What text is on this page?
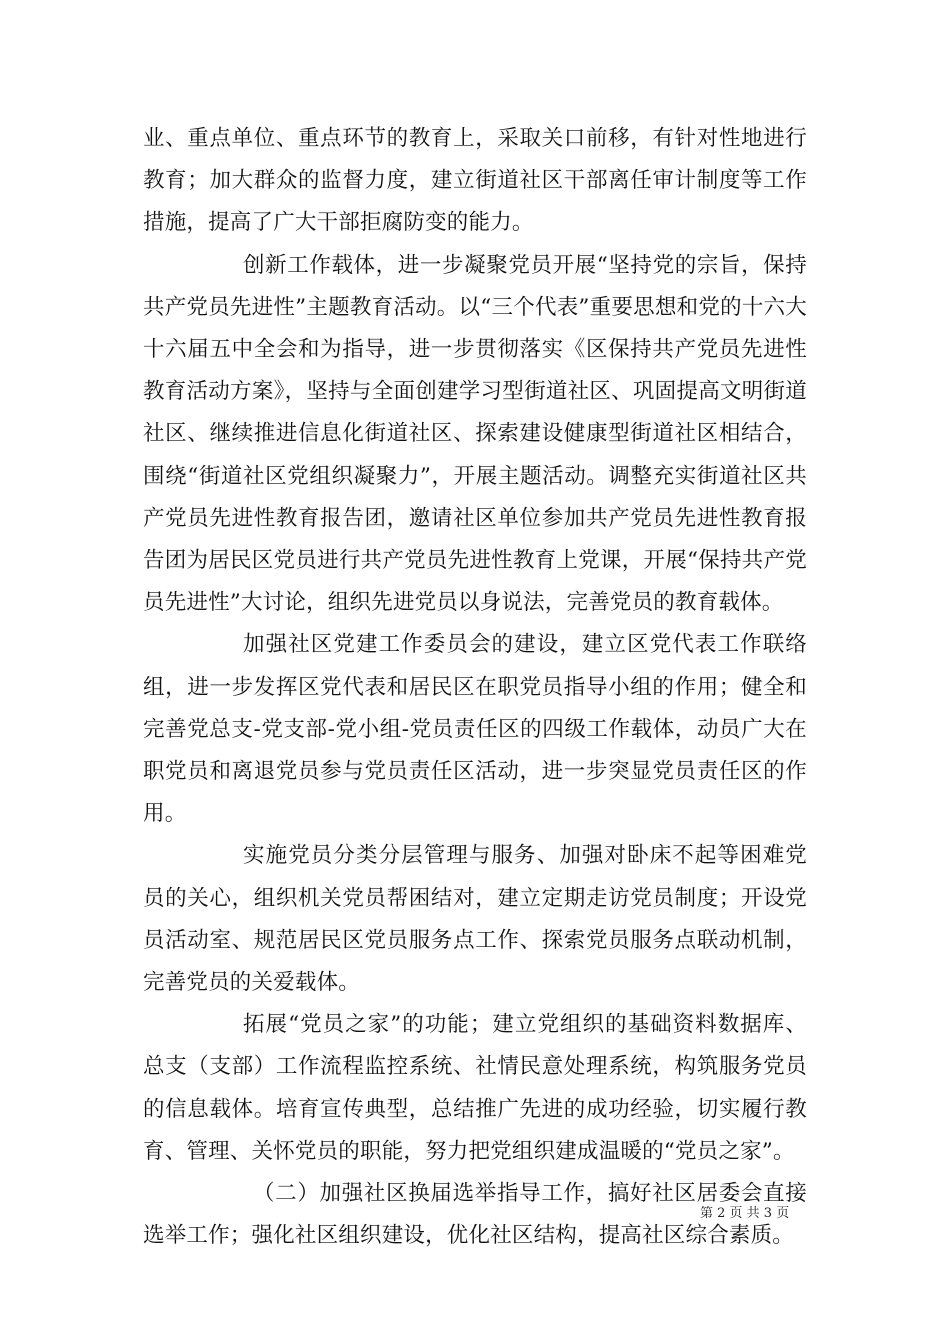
业、重点单位、重点环节的教育上，采取关口前移，有针对性地进行教育；加大群众的监督力度，建立街道社区干部离任审计制度等工作措施，提高了广大干部拒腐防变的能力。

创新工作载体，进一步凝聚党员开展“坚持党的宗旨，保持共产党员先进性”主题教育活动。以“三个代表”重要思想和党的十六大十六届五中全会和为指导，进一步贯彻落实《区保持共产党员先进性教育活动方案》，坚持与全面创建学习型街道社区、巩固提高文明街道社区、继续推进信息化街道社区、探索建设健康型街道社区相结合，围绕“街道社区党组织凝聚力”，开展主题活动。调整充实街道社区共产党员先进性教育报告团，邀请社区单位参加共产党员先进性教育报告团为居民区党员进行共产党员先进性教育上党课，开展“保持共产党员先进性”大讨论，组织先进党员以身说法，完善党员的教育载体。

加强社区党建工作委员会的建设，建立区党代表工作联络组，进一步发挥区党代表和居民区在职党员指导小组的作用；健全和完善党总支-党支部-党小组-党员责任区的四级工作载体，动员广大在职党员和离退党员参与党员责任区活动，进一步突显党员责任区的作用。

实施党员分类分层管理与服务、加强对卧床不起等困难党员的关心，组织机关党员帮困结对，建立定期走访党员制度；开设党员活动室、规范居民区党员服务点工作、探索党员服务点联动机制，完善党员的关爱载体。

拓展“党员之家”的功能；建立党组织的基础资料数据库、总支（支部）工作流程监控系统、社情民意处理系统，构筑服务党员的信息载体。培育宣传典型，总结推广先进的成功经验，切实履行教育、管理、关怀党员的职能，努力把党组织建成温暖的“党员之家”。

（二）加强社区换届选举指导工作，搞好社区居委会直接选举工作；强化社区组织建设，优化社区结构，提高社区综合素质。

第 2 页 共 3 页
